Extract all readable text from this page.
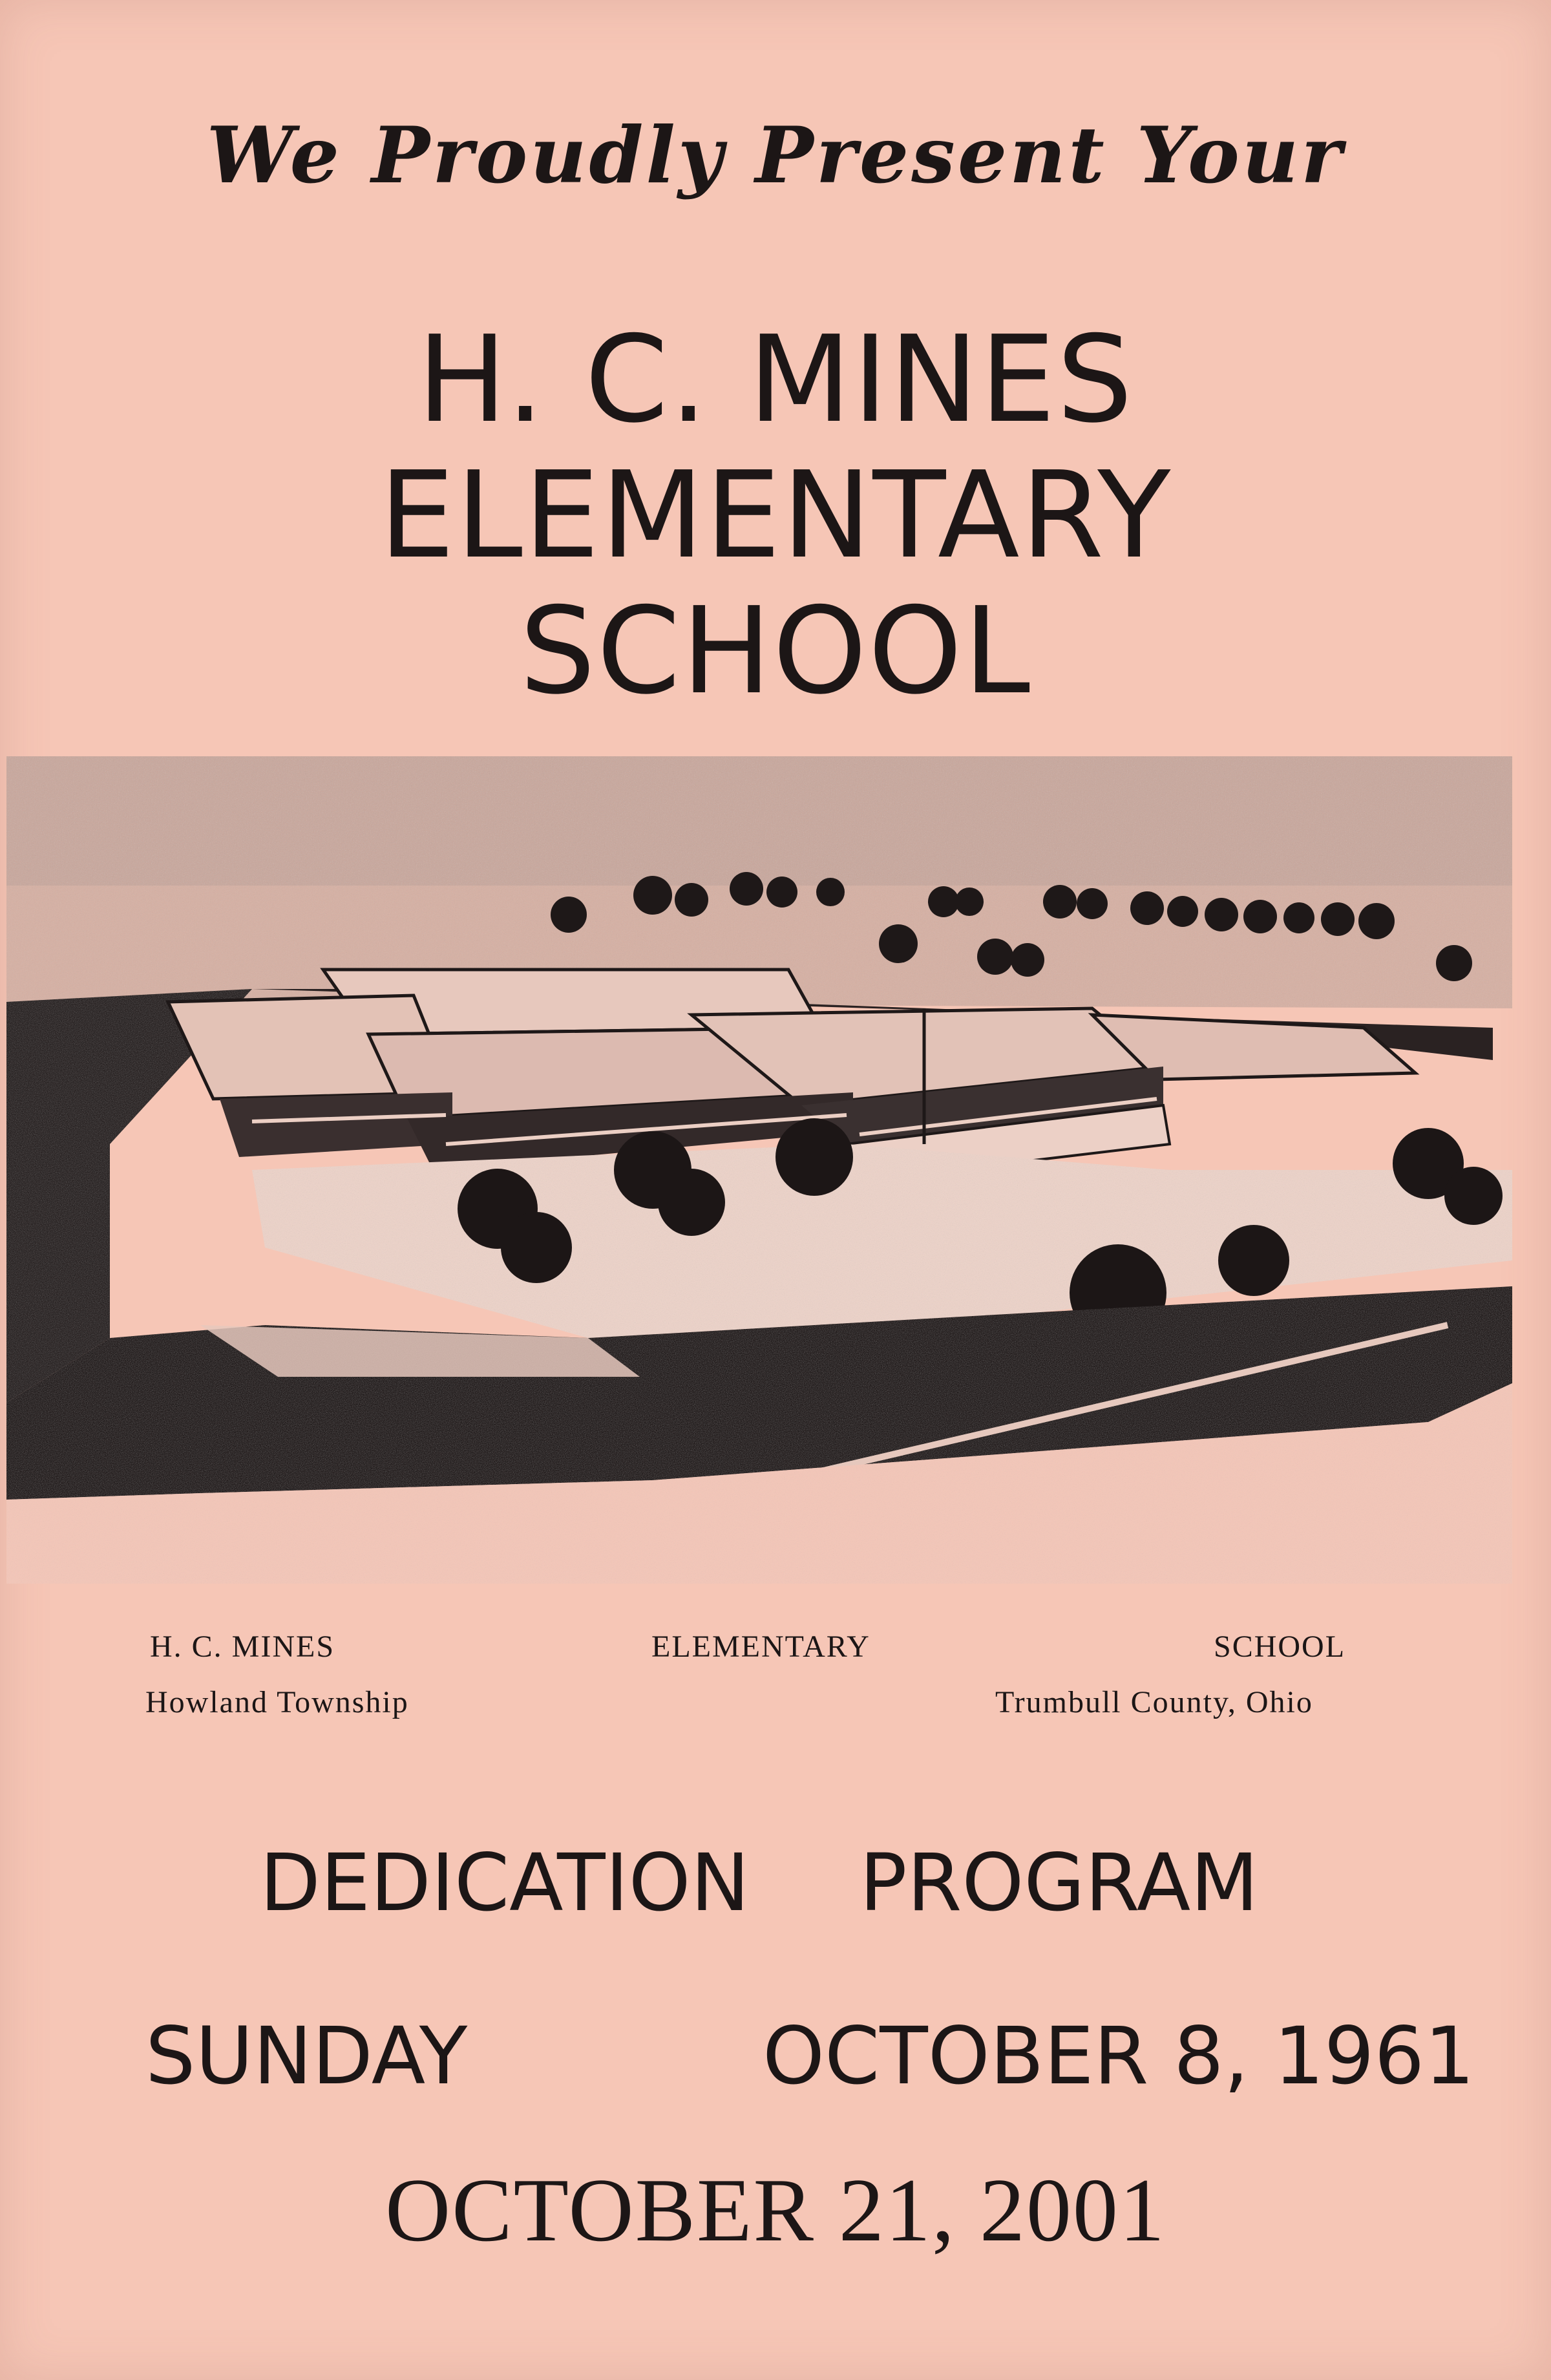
We Proudly Present Your
H. C. MINES
ELEMENTARY
SCHOOL
H. C. MINES	ELEMENTARY	SCHOOL
Howland Township	Trumbull County, Ohio
DEDICATION PROGRAM
SUNDAY	OCTOBER 8, 1961
OCTOBER 21, 2001
